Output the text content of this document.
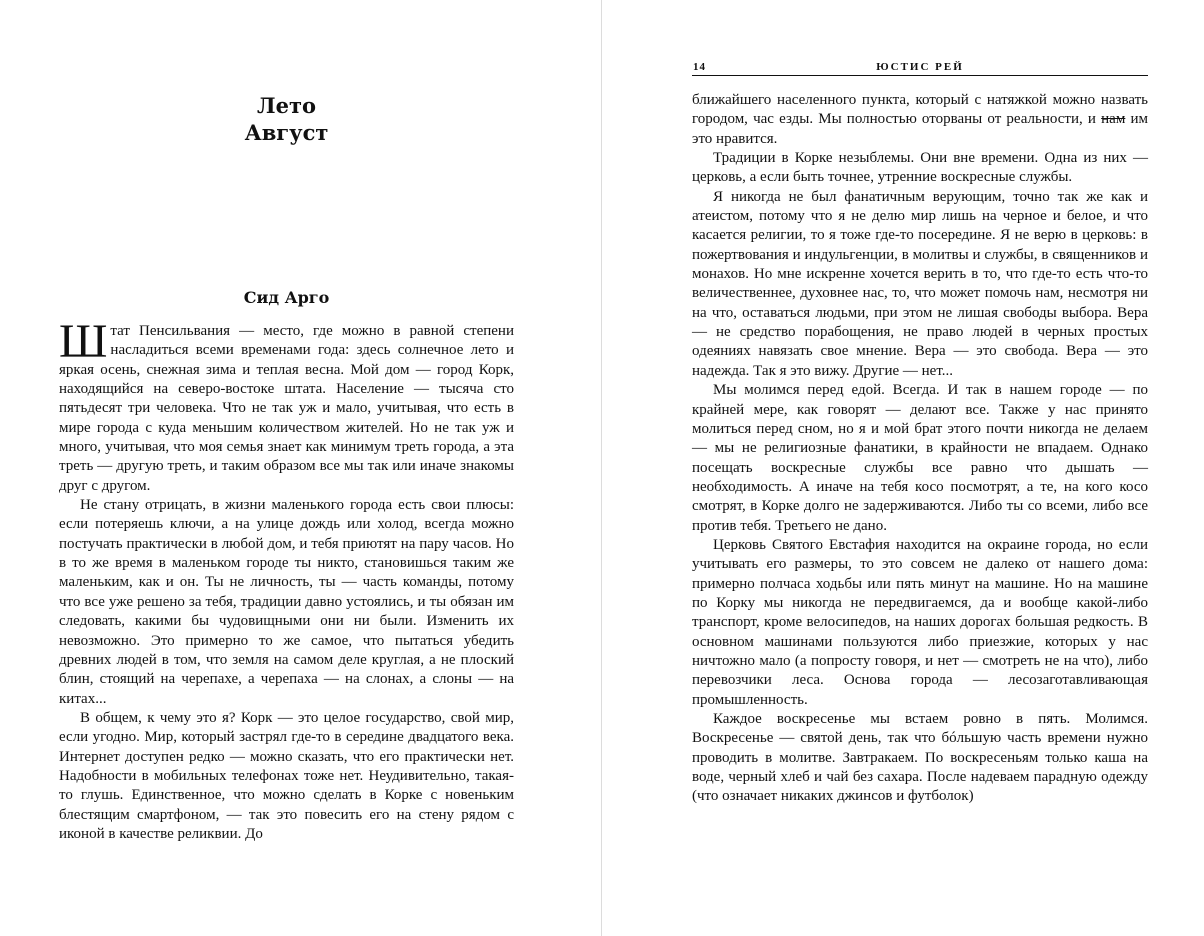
Лето
Август
Сид Арго

Штат Пенсильвания — место, где можно в равной степени насладиться всеми временами года: здесь солнечное лето и яркая осень, снежная зима и теплая весна. Мой дом — город Корк, находящийся на северо-востоке штата. Население — тысяча сто пятьдесят три человека. Что не так уж и мало, учитывая, что есть в мире города с куда меньшим количеством жителей. Но не так уж и много, учитывая, что моя семья знает как минимум треть города, а эта треть — другую треть, и таким образом все мы так или иначе знакомы друг с другом.

Не стану отрицать, в жизни маленького города есть свои плюсы: если потеряешь ключи, а на улице дождь или холод, всегда можно постучать практически в любой дом, и тебя приютят на пару часов. Но в то же время в маленьком городе ты никто, становишься таким же маленьким, как и он. Ты не личность, ты — часть команды, потому что все уже решено за тебя, традиции давно устоялись, и ты обязан им следовать, какими бы чудовищными они ни были. Изменить их невозможно. Это примерно то же самое, что пытаться убедить древних людей в том, что земля на самом деле круглая, а не плоский блин, стоящий на черепахе, а черепаха — на слонах, а слоны — на китах...

В общем, к чему это я? Корк — это целое государство, свой мир, если угодно. Мир, который застрял где-то в середине двадцатого века. Интернет доступен редко — можно сказать, что его практически нет. Надобности в мобильных телефонах тоже нет. Неудивительно, такая-то глушь. Единственное, что можно сделать в Корке с новеньким блестящим смартфоном, — так это повесить его на стену рядом с иконой в качестве реликвии. До

14	ЮСТИС РЕЙ

ближайшего населенного пункта, который с натяжкой можно назвать городом, час езды. Мы полностью оторваны от реальности, и нам им это нравится.

Традиции в Корке незыблемы. Они вне времени. Одна из них — церковь, а если быть точнее, утренние воскресные службы.

Я никогда не был фанатичным верующим, точно так же как и атеистом, потому что я не делю мир лишь на черное и белое, и что касается религии, то я тоже где-то посередине. Я не верю в церковь: в пожертвования и индульгенции, в молитвы и службы, в священников и монахов. Но мне искренне хочется верить в то, что где-то есть что-то величественнее, духовнее нас, то, что может помочь нам, несмотря ни на что, оставаться людьми, при этом не лишая свободы выбора. Вера — не средство порабощения, не право людей в черных простых одеяниях навязать свое мнение. Вера — это свобода. Вера — это надежда. Так я это вижу. Другие — нет...

Мы молимся перед едой. Всегда. И так в нашем городе — по крайней мере, как говорят — делают все. Также у нас принято молиться перед сном, но я и мой брат этого почти никогда не делаем — мы не религиозные фанатики, в крайности не впадаем. Однако посещать воскресные службы все равно что дышать — необходимость. А иначе на тебя косо посмотрят, а те, на кого косо смотрят, в Корке долго не задерживаются. Либо ты со всеми, либо все против тебя. Третьего не дано.

Церковь Святого Евстафия находится на окраине города, но если учитывать его размеры, то это совсем не далеко от нашего дома: примерно полчаса ходьбы или пять минут на машине. Но на машине по Корку мы никогда не передвигаемся, да и вообще какой-либо транспорт, кроме велосипедов, на наших дорогах большая редкость. В основном машинами пользуются либо приезжие, которых у нас ничтожно мало (а попросту говоря, и нет — смотреть не на что), либо перевозчики леса. Основа города — лесозаготавливающая промышленность.

Каждое воскресенье мы встаем ровно в пять. Молимся. Воскресенье — святой день, так что бóльшую часть времени нужно проводить в молитве. Завтракаем. По воскресеньям только каша на воде, черный хлеб и чай без сахара. После надеваем парадную одежду (что означает никаких джинсов и футболок)
